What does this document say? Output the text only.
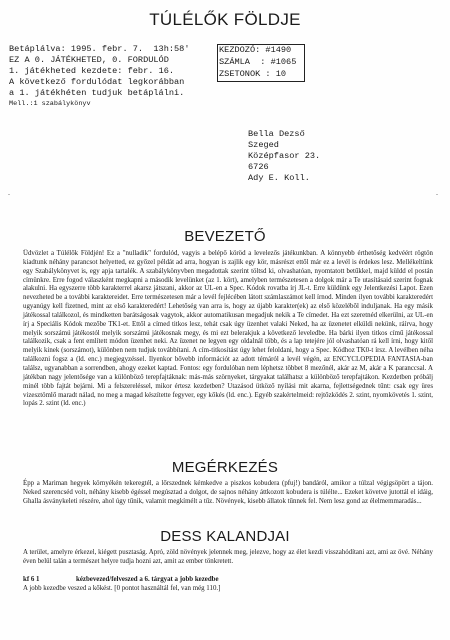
TÚLÉLŐK FÖLDJE
Betáplálva: 1995. febr. 7.  13h:58'
EZ A 0. JÁTÉKHETED, 0. FORDULÓD
1. játékheted kezdete: febr. 16.
A következő fordulódat legkorábban
a 1. játékhéten tudjuk betáplálni.
Mell.:1 szabálykönyv
KEZDOZÓ: #1490
SZÁMLA  : #1065
ZSETONOK : 10
Bella Dezső
Szeged
Középfasor 23.
6726
Ady E. Koll.
-	-
BEVEZETŐ

Üdvözlet a Túlélők Földjén! Ez a "nulladik" fordulód, vagyis a belépő köröd a levelezős játékunkban. A könnyebb érthetőség kedvéért rögtön kiadtunk néhány parancsot helyetted, ez győzel példát ad arra, hogyan is zajlik egy kör, másrészt ettől már ez a levél is érdekes lesz. Mellékeltünk egy Szabálykönyvet is, egy apja tartalék. A szabálykönyvben megadottak szerint töltsd ki, olvashatóan, nyomtatott betűkkel, majd küldd el postán címünkre. Erre fogod válaszként megkapni a második levelünket (az 1. kört), amelyben természetesen a dolgok már a Te utasításaid szerint fognak alakulni. Ha egyszerre több karakterrel akarsz játszani, akkor az UL-en a Spec. Kódok rovatba írj JL-t. Erre küldünk egy Jelentkezési Lapot. Ezen nevezheted be a további karaktereidet. Erre természetesen már a levél fejlécében látott számlaszámot kell írnod. Minden ilyen további karakteredért ugyanúgy kell fizetned, mint az első karakteredért! Lehetőség van arra is, hogy az újabb karakter(ek) az első közelébõl induljanak. Ha egy másik játékossal találkozol, és mindketten barátságosak vagytok, akkor automatikusan megadjuk nekik a Te címedet. Ha ezt szeretnéd elkerülni, az UL-en írj a Speciális Kódok mezőbe TK1-et. Ettől a címed titkos lesz, tehát csak úgy üzenhet valaki Neked, ha az üzenetet elküldi nekünk, ráírva, hogy melyik sorszámú játékostól melyik sorszámú játékosnak megy, és mi ezt belerakjuk a következő leveledbe. Ha bárki ilyen titkos című játékossal találkozik, csak a fent említett módon üzenhet neki. Az üzenet ne legyen egy oldalnál több, és a lap tetejére jól olvashatóan rá kell írni, hogy kitől melyik kinek (sorszámot), különben nem tudjuk továbbítani. A cím-titkosítást úgy lehet feloldani, hogy a Spec. Kódhoz TK0-t írsz. A levélben néha találkozni fogsz a (ld. enc.) megjegyzéssel. Ilyenkor bővebb információt az adott témáról a levél végén, az ENCYCLOPEDIA FANTASIA-ban találsz, ugyanabban a sorrendben, ahogy ezeket kaptad. Fontos: egy fordulóban nem léphetsz többet 8 mezőnél, akár az M, akár a K paranccsal. A játékban nagy jelentősége van a különböző terepfajtáknak: más-más szörnyeket, tárgyakat találhatsz a különböző terepfajtákon. Kezdetben próbálj minél több fajtát bejárni. Mi a felszereléssel, mikor értesz kezdetben? Utazásod ütköző nyílási mit akarna, fejlettségednek tűnt: csak egy üres vizesztömlő maradt nálad, no meg a magad készítette fegyver, egy kőkés (ld. enc.). Egyéb szakértelmeid: rejtőzködés 2. szint, nyomkövetés 1. szint, lopás 2. szint (ld. enc.)

MEGÉRKEZÉS

Épp a Mariman hegyek környékén tekeregtél, a lőrszednek kémkedve a piszkos kobudera (pfuj!) bandáról, amikor a túlzal végigsöpört a tájon. Neked szerencséd volt, néhány kisebb égéssel megúsztad a dolgot, de sajnos néhány áttkozott kobudera is túlélte... Ezeket követve jutottál el idáig, Ghalla ásványkeleti részére, ahol úgy tűnik, valamit megkímélt a tűz. Növények, kisebb állatok tűnnek fel. Nem lesz gond az élelmemmaradás...

DESS KALANDJAI

A terület, amelyre érkezel, kiégett pusztaság. Apró, zöld növények jelennek meg, jelezve, hogy az élet kezdi visszahódítani azt, ami az övé. Néhány éven belül talán a természet helyre tudja hozni azt, amit az ember tönkretett.

kf 6 1	kézbevezed/felveszed a 6. tárgyat a jobb kezedbe
A jobb kezedbe veszed a kőkést. [0 pontot használtál fel, van még 110.]
